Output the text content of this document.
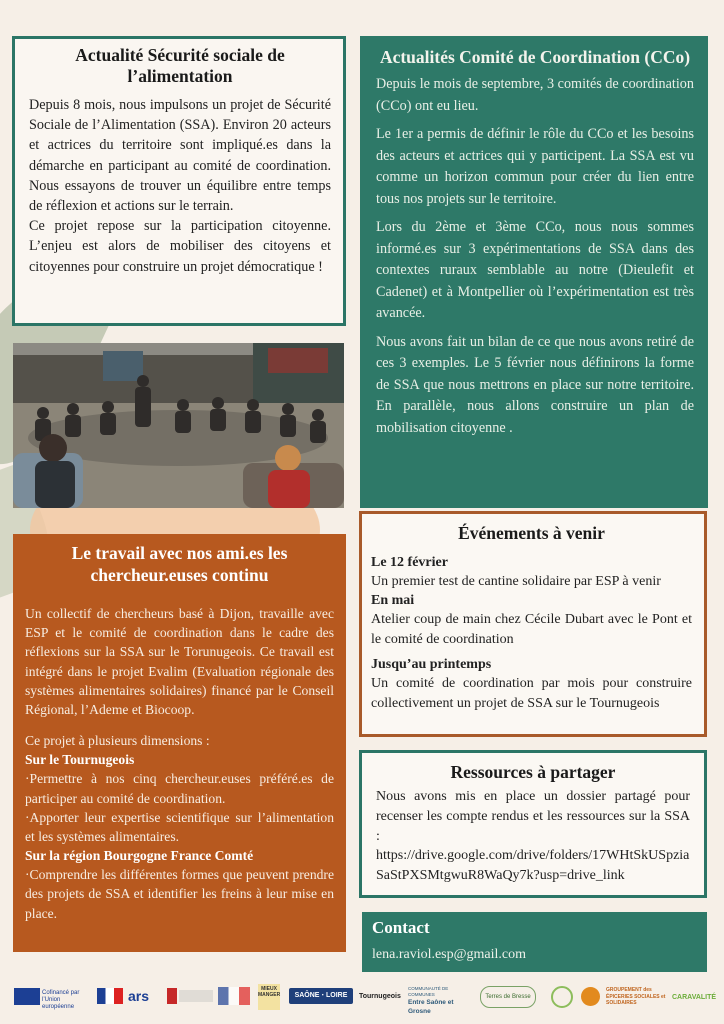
Actualité Sécurité sociale de l’alimentation

Depuis 8 mois, nous impulsons un projet de Sécurité Sociale de l’Alimentation (SSA). Environ 20 acteurs et actrices du territoire sont impliqué.es dans la démarche en participant au comité de coordination. Nous essayons de trouver un équilibre entre temps de réflexion et actions sur le terrain.

Ce projet repose sur la participation citoyenne. L’enjeu est alors de mobiliser des citoyens et citoyennes pour construire un projet démocratique !

Actualités Comité de Coordination (CCo)

Depuis le mois de septembre, 3 comités de coordination (CCo) ont eu lieu.

Le 1er a permis de définir le rôle du CCo et les besoins des acteurs et actrices qui y participent. La SSA est vu comme un horizon commun pour créer du lien entre tous nos projets sur le territoire.

Lors du 2ème et 3ème CCo, nous nous sommes informé.es sur 3 expérimentations de SSA dans des contextes ruraux semblable au notre (Dieulefit et Cadenet) et à Montpellier où l’expérimentation est très avancée.

Nous avons fait un bilan de ce que nous avons retiré de ces 3 exemples. Le 5 février nous définirons la forme de SSA que nous mettrons en place sur notre territoire. En parallèle, nous allons construire un plan de mobilisation citoyenne .

Le travail avec nos ami.es les chercheur.euses continu

Un collectif de chercheurs basé à Dijon, travaille avec ESP et le comité de coordination dans le cadre des réflexions sur la SSA sur le Torunugeois. Ce travail est intégré dans le projet Evalim (Evaluation régionale des systèmes alimentaires solidaires) financé par le Conseil Régional, l’Ademe et Biocoop.

Ce projet à plusieurs dimensions :

Sur le Tournugeois

·Permettre à nos cinq chercheur.euses préféré.es de participer au comité de coordination.

·Apporter leur expertise scientifique sur l’alimentation et les systèmes alimentaires.

Sur la région Bourgogne France Comté

·Comprendre les différentes formes que peuvent prendre des projets de SSA et identifier les freins à leur mise en place.

Événements à venir
Le 12 février

Un premier test de cantine solidaire par ESP à venir

En mai

Atelier coup de main chez Cécile Dubart avec le Pont et le comité de coordination

Jusqu’au printemps

Un comité de coordination par mois pour construire collectivement un projet de SSA sur le Tournugeois

Ressources à partager

Nous avons mis en place un dossier partagé pour recenser les compte rendus et les ressources sur la SSA :

https://drive.google.com/drive/folders/17WHtSkUSpziaSaStPXSMtgwuR8WaQy7k?usp=drive_link

Contact
lena.raviol.esp@gmail.com
Cofinancé par l’Union européenne
ars	MIEUX MANGER	SAÔNE ⋅ LOIRE	Tournugeois
COMMUNAUTÉ DE COMMUNES
Entre Saône et Grosne
Terres de Bresse
GROUPEMENT des ÉPICERIES SOCIALES et SOLIDAIRES
CARAVALITÉ
